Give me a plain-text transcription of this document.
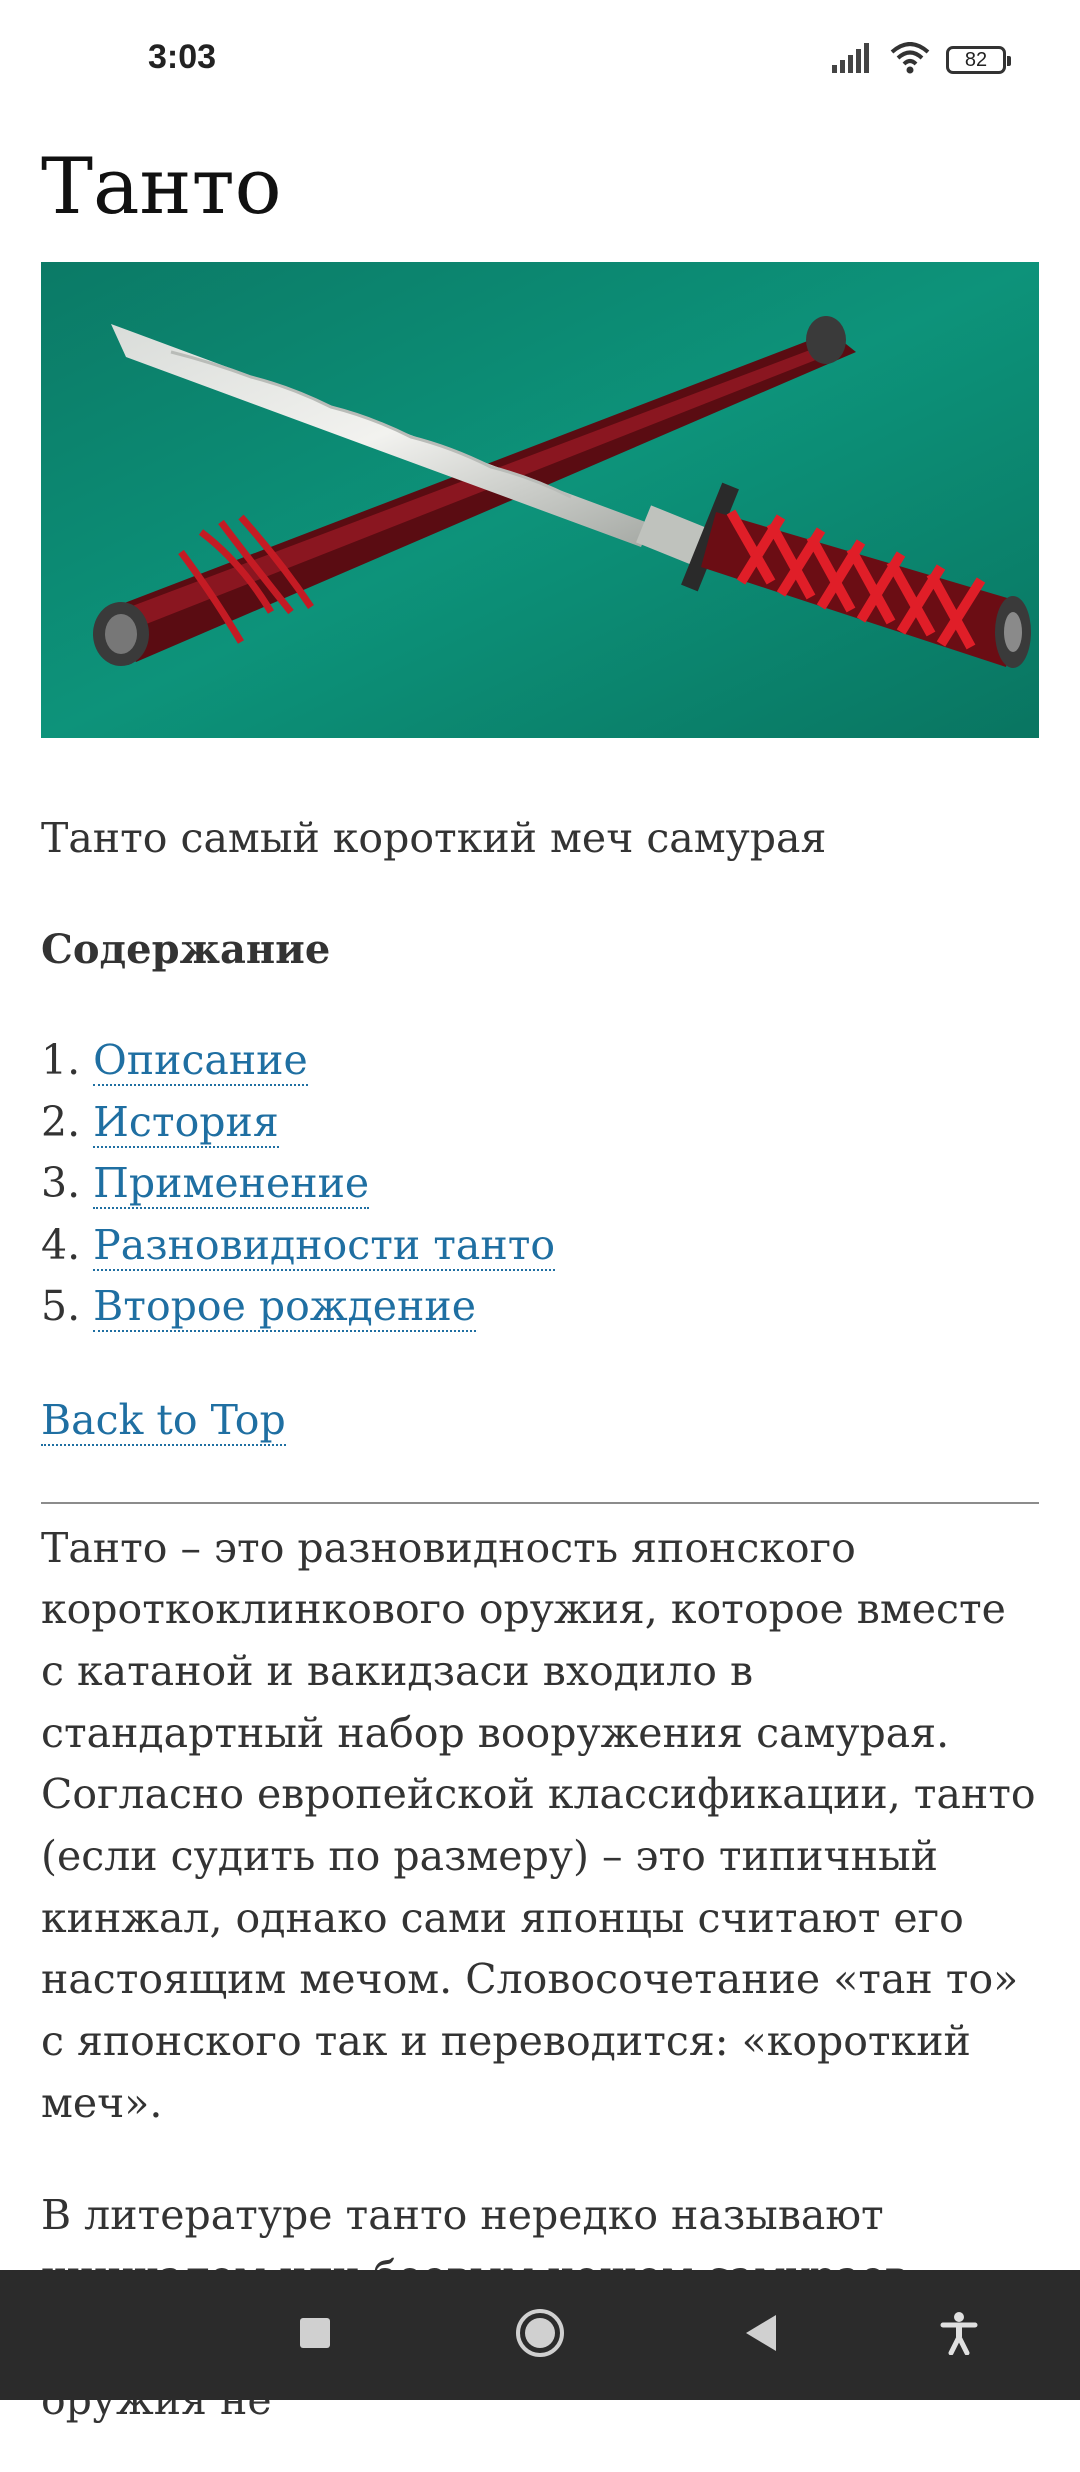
3:03	82
Танто
Танто самый короткий меч самурая
Содержание
1. Описание
2. История
3. Применение
4. Разновидности танто
5. Второе рождение
Back to Top

Танто – это разновидность японского короткоклинкового оружия, которое вместе с катаной и вакидзаси входило в стандартный набор вооружения самурая. Согласно европейской классификации, танто (если судить по размеру) – это типичный кинжал, однако сами японцы считают его настоящим мечом. Словосочетание «тан то» с японского так и переводится: «короткий меч».

В литературе танто нередко называют
